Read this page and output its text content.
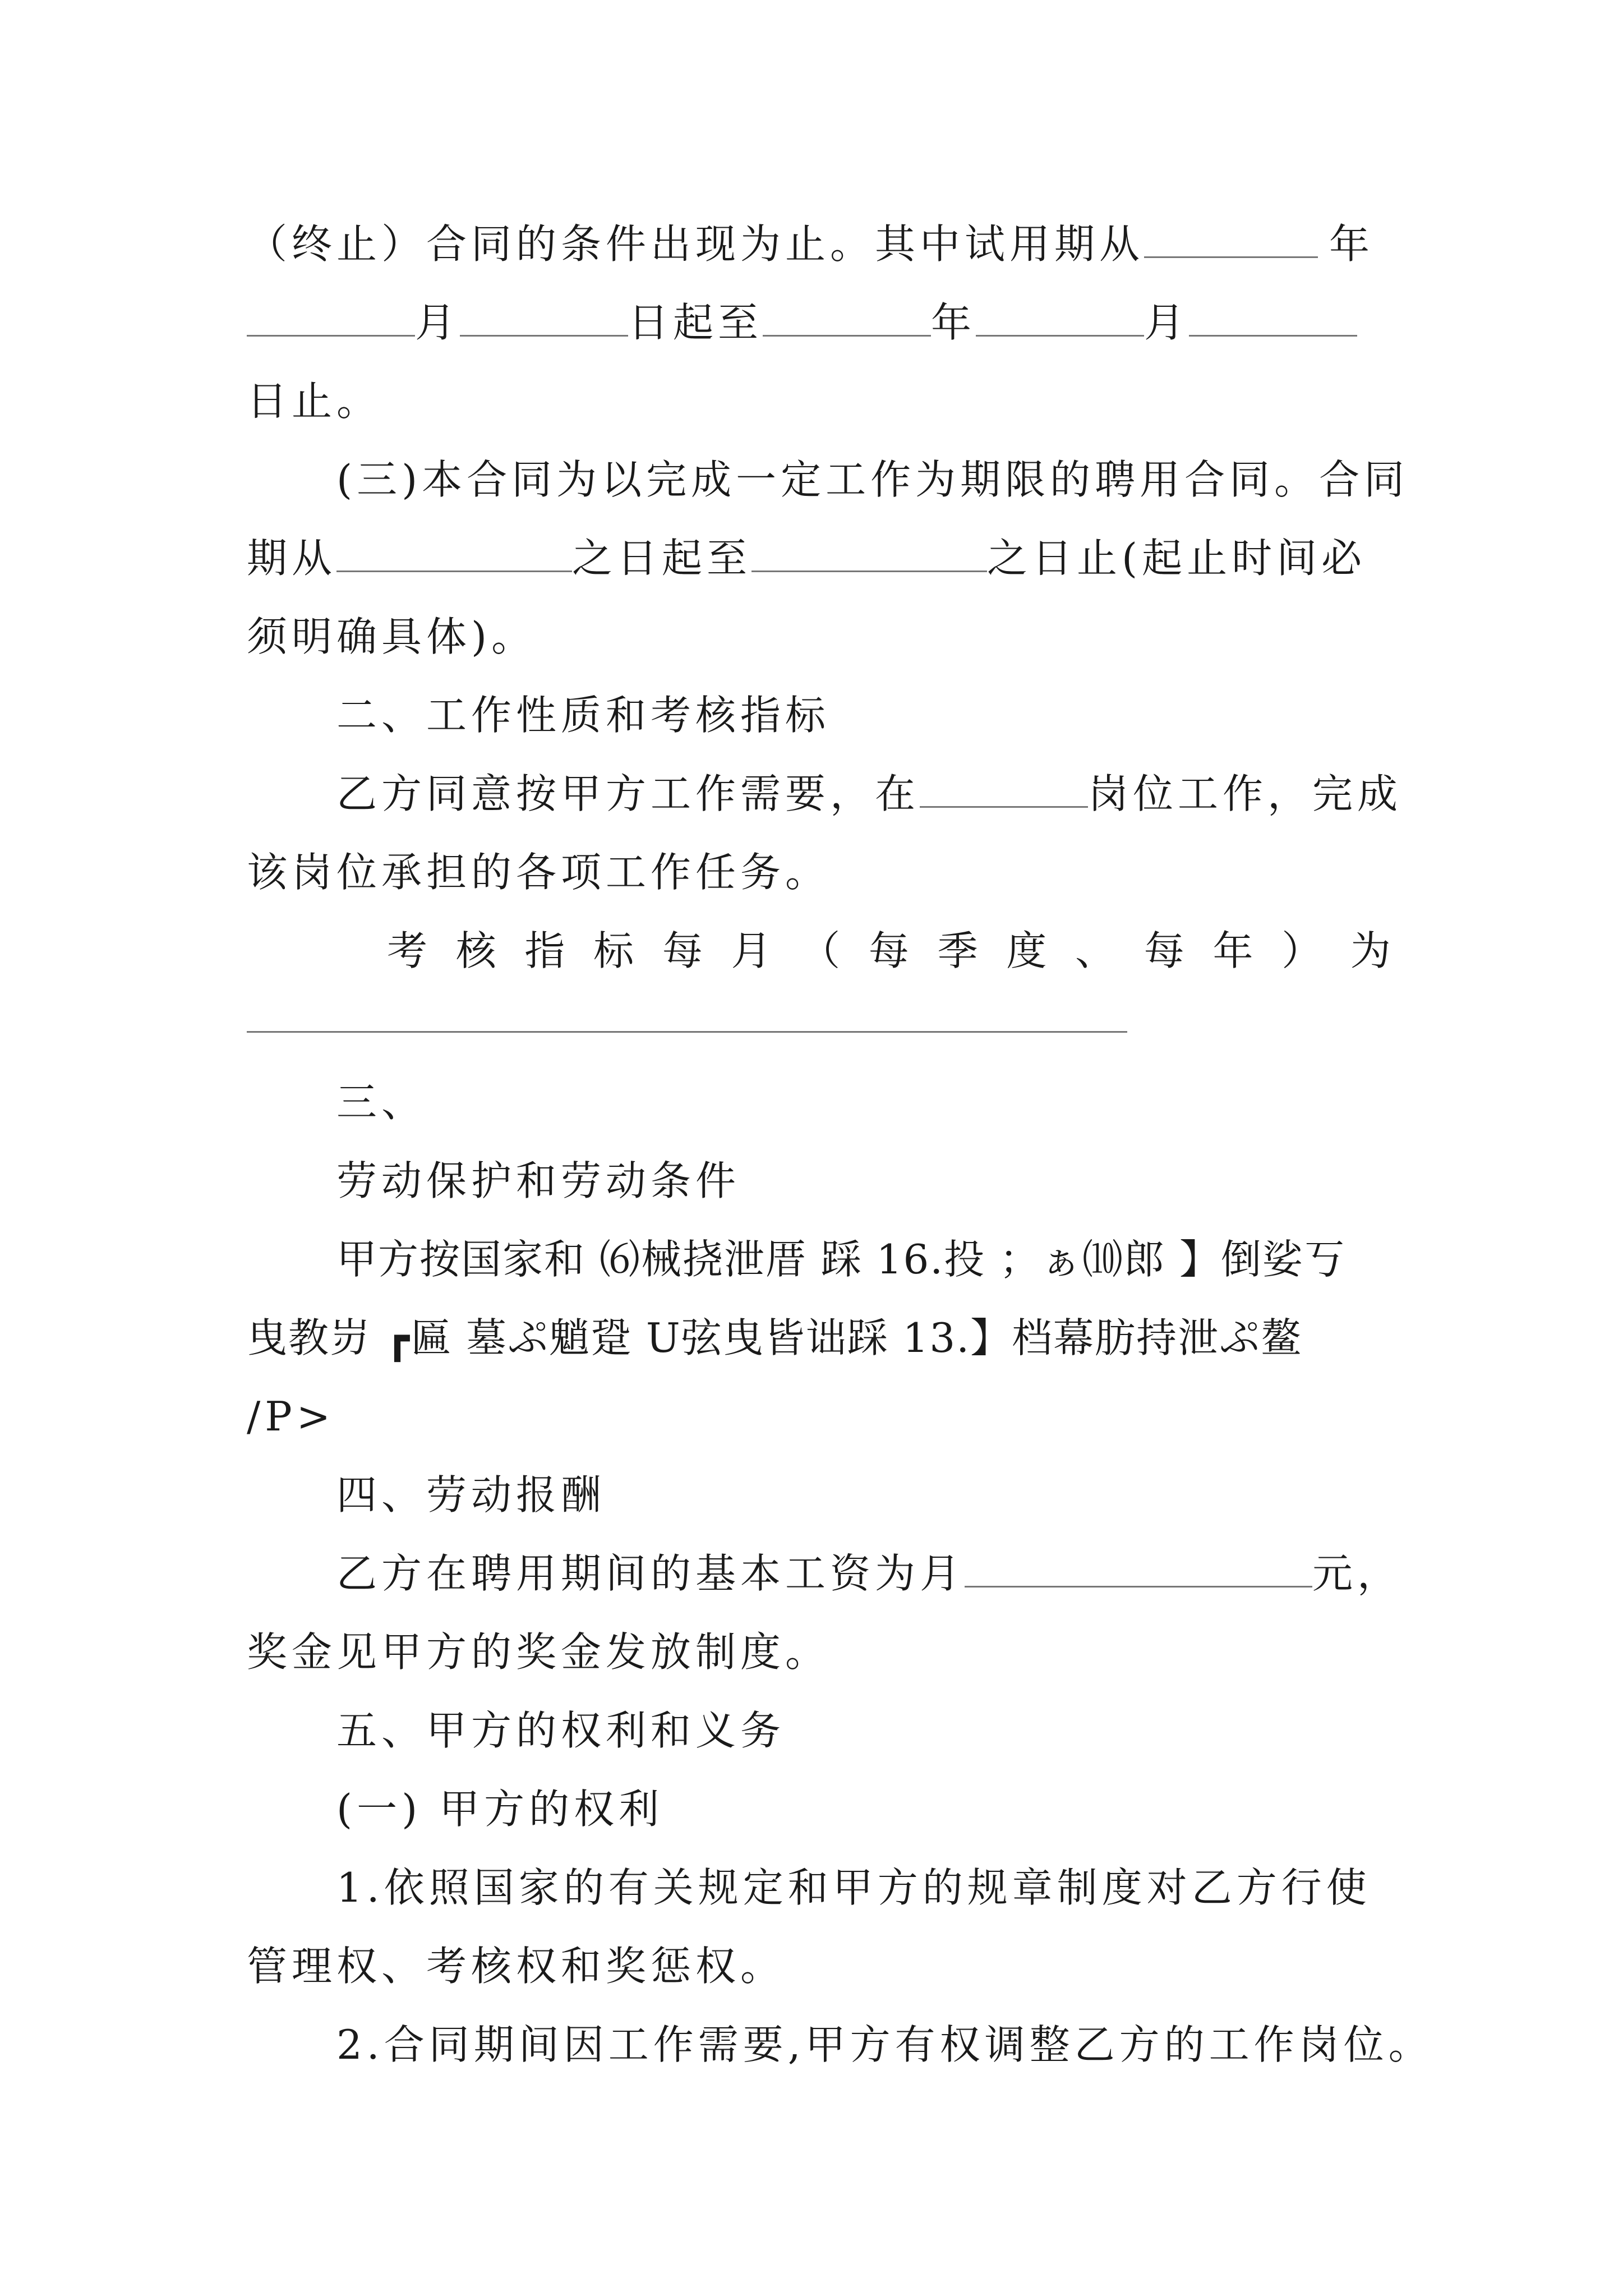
（终止）合同的条件出现为止。其中试用期从	年
月	日起至	年	月
日止。
(三)本合同为以完成一定工作为期限的聘用合同。合同
期从	之日起至	之日止(起止时间必
须明确具体)。
二、工作性质和考核指标
乙方同意按甲方工作需要，在	岗位工作，完成
该岗位承担的各项工作任务。
考 核 指 标 每 月 （ 每 季 度 、 每 年 ） 为
三、
劳动保护和劳动条件
甲方按国家和 ⑹械挠泄厝 踩 16.投 ；ぁ⑽郎 】倒娑丂
曳教岃 ┏匾 墓ぷ魈跫 U弦曳皆诎踩 13.】档幕肪持泄ぷ鳌
/P>
四、劳动报酬
乙方在聘用期间的基本工资为月	元，
奖金见甲方的奖金发放制度。
五、甲方的权利和义务
(一) 甲方的权利
1.依照国家的有关规定和甲方的规章制度对乙方行使
管理权、考核权和奖惩权。
2.合同期间因工作需要,甲方有权调整乙方的工作岗位。
